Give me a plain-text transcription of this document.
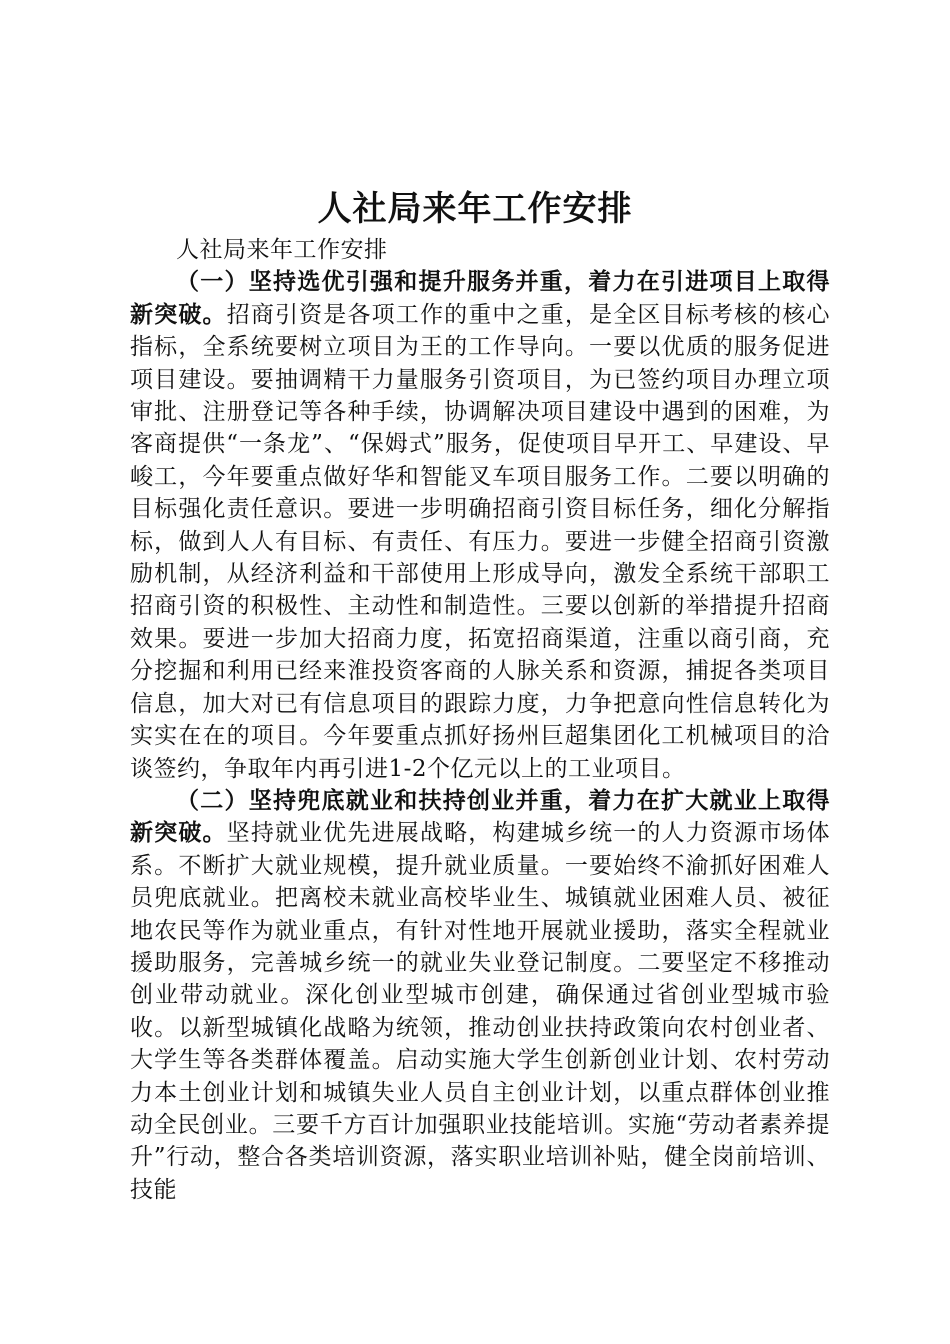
人社局来年工作安排

人社局来年工作安排

（一）坚持选优引强和提升服务并重，着力在引进项目上取得新突破。招商引资是各项工作的重中之重，是全区目标考核的核心指标，全系统要树立项目为王的工作导向。一要以优质的服务促进项目建设。要抽调精干力量服务引资项目，为已签约项目办理立项审批、注册登记等各种手续，协调解决项目建设中遇到的困难，为客商提供“一条龙”、“保姆式”服务，促使项目早开工、早建设、早峻工，今年要重点做好华和智能叉车项目服务工作。二要以明确的目标强化责任意识。要进一步明确招商引资目标任务，细化分解指标，做到人人有目标、有责任、有压力。要进一步健全招商引资激励机制，从经济利益和干部使用上形成导向，激发全系统干部职工招商引资的积极性、主动性和制造性。三要以创新的举措提升招商效果。要进一步加大招商力度，拓宽招商渠道，注重以商引商，充分挖掘和利用已经来淮投资客商的人脉关系和资源，捕捉各类项目信息，加大对已有信息项目的跟踪力度，力争把意向性信息转化为实实在在的项目。今年要重点抓好扬州巨超集团化工机械项目的洽谈签约，争取年内再引进1-2个亿元以上的工业项目。

（二）坚持兜底就业和扶持创业并重，着力在扩大就业上取得新突破。坚持就业优先进展战略，构建城乡统一的人力资源市场体系。不断扩大就业规模，提升就业质量。一要始终不渝抓好困难人员兜底就业。把离校未就业高校毕业生、城镇就业困难人员、被征地农民等作为就业重点，有针对性地开展就业援助，落实全程就业援助服务，完善城乡统一的就业失业登记制度。二要坚定不移推动创业带动就业。深化创业型城市创建，确保通过省创业型城市验收。以新型城镇化战略为统领，推动创业扶持政策向农村创业者、大学生等各类群体覆盖。启动实施大学生创新创业计划、农村劳动力本土创业计划和城镇失业人员自主创业计划，以重点群体创业推动全民创业。三要千方百计加强职业技能培训。实施“劳动者素养提升”行动，整合各类培训资源，落实职业培训补贴，健全岗前培训、技能
